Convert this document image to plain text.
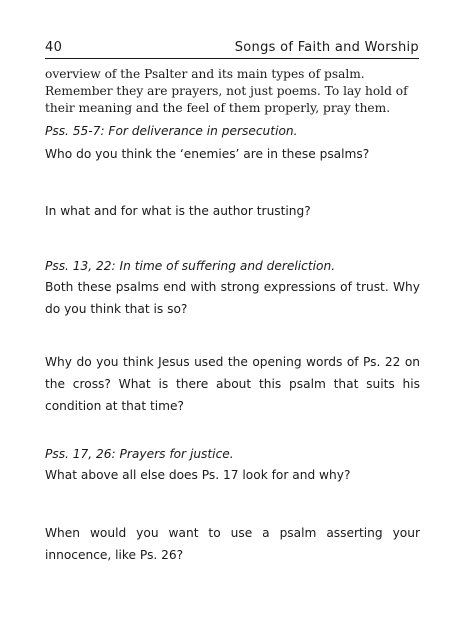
40	Songs of Faith and Worship

overview of the Psalter and its main types of psalm. Remember they are prayers, not just poems. To lay hold of their meaning and the feel of them properly, pray them.

Pss. 55-7: For deliverance in persecution.

Who do you think the ‘enemies’ are in these psalms?

In what and for what is the author trusting?

Pss. 13, 22: In time of suffering and dereliction.

Both these psalms end with strong expressions of trust. Why do you think that is so?

Why do you think Jesus used the opening words of Ps. 22 on the cross? What is there about this psalm that suits his condition at that time?

Pss. 17, 26: Prayers for justice.

What above all else does Ps. 17 look for and why?

When would you want to use a psalm asserting your innocence, like Ps. 26?
